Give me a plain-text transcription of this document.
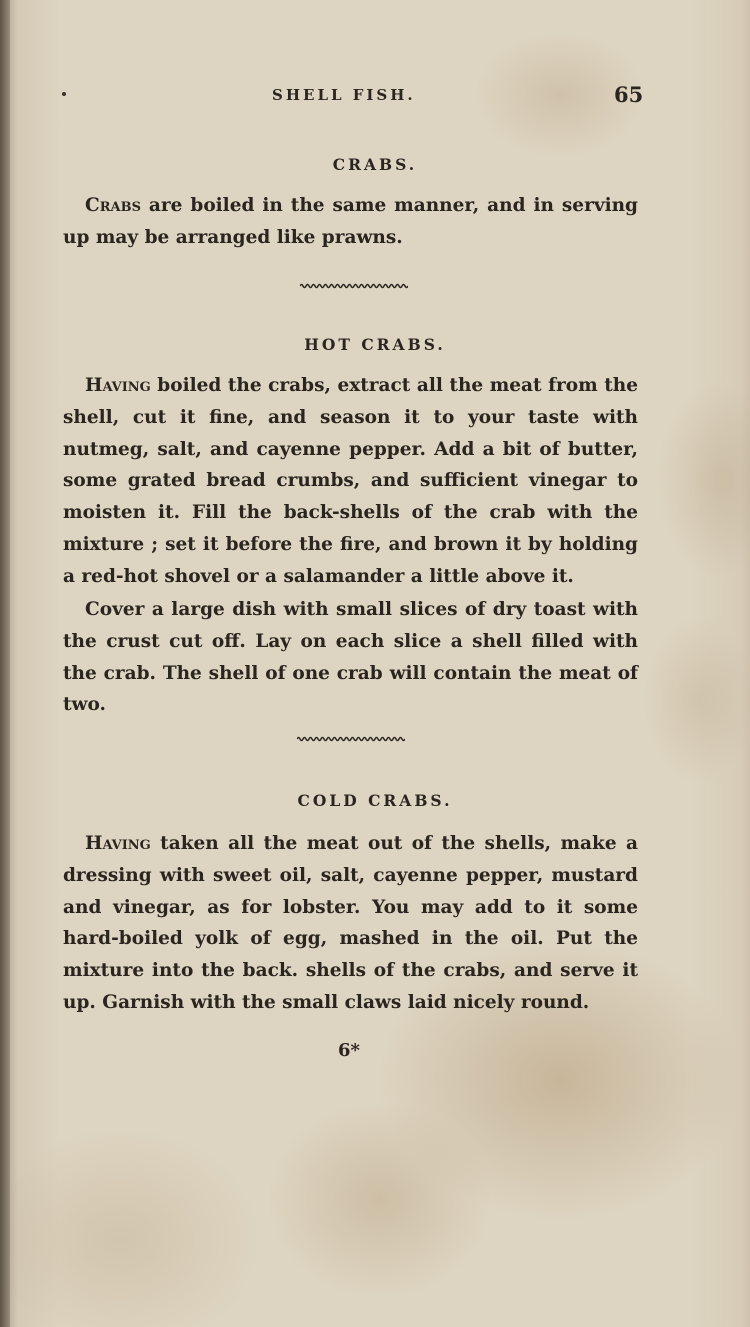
SHELL FISH.	65
CRABS.

Crabs are boiled in the same manner, and in serving up may be arranged like prawns.

HOT CRABS.

Having boiled the crabs, extract all the meat from the shell, cut it fine, and season it to your taste with nutmeg, salt, and cayenne pepper. Add a bit of butter, some grated bread crumbs, and sufficient vinegar to moisten it. Fill the back-shells of the crab with the mixture ; set it before the fire, and brown it by holding a red-hot shovel or a salamander a little above it.

Cover a large dish with small slices of dry toast with the crust cut off. Lay on each slice a shell filled with the crab. The shell of one crab will contain the meat of two.

COLD CRABS.

Having taken all the meat out of the shells, make a dressing with sweet oil, salt, cayenne pepper, mustard and vinegar, as for lobster. You may add to it some hard-boiled yolk of egg, mashed in the oil. Put the mixture into the back. shells of the crabs, and serve it up. Garnish with the small claws laid nicely round.

6*
